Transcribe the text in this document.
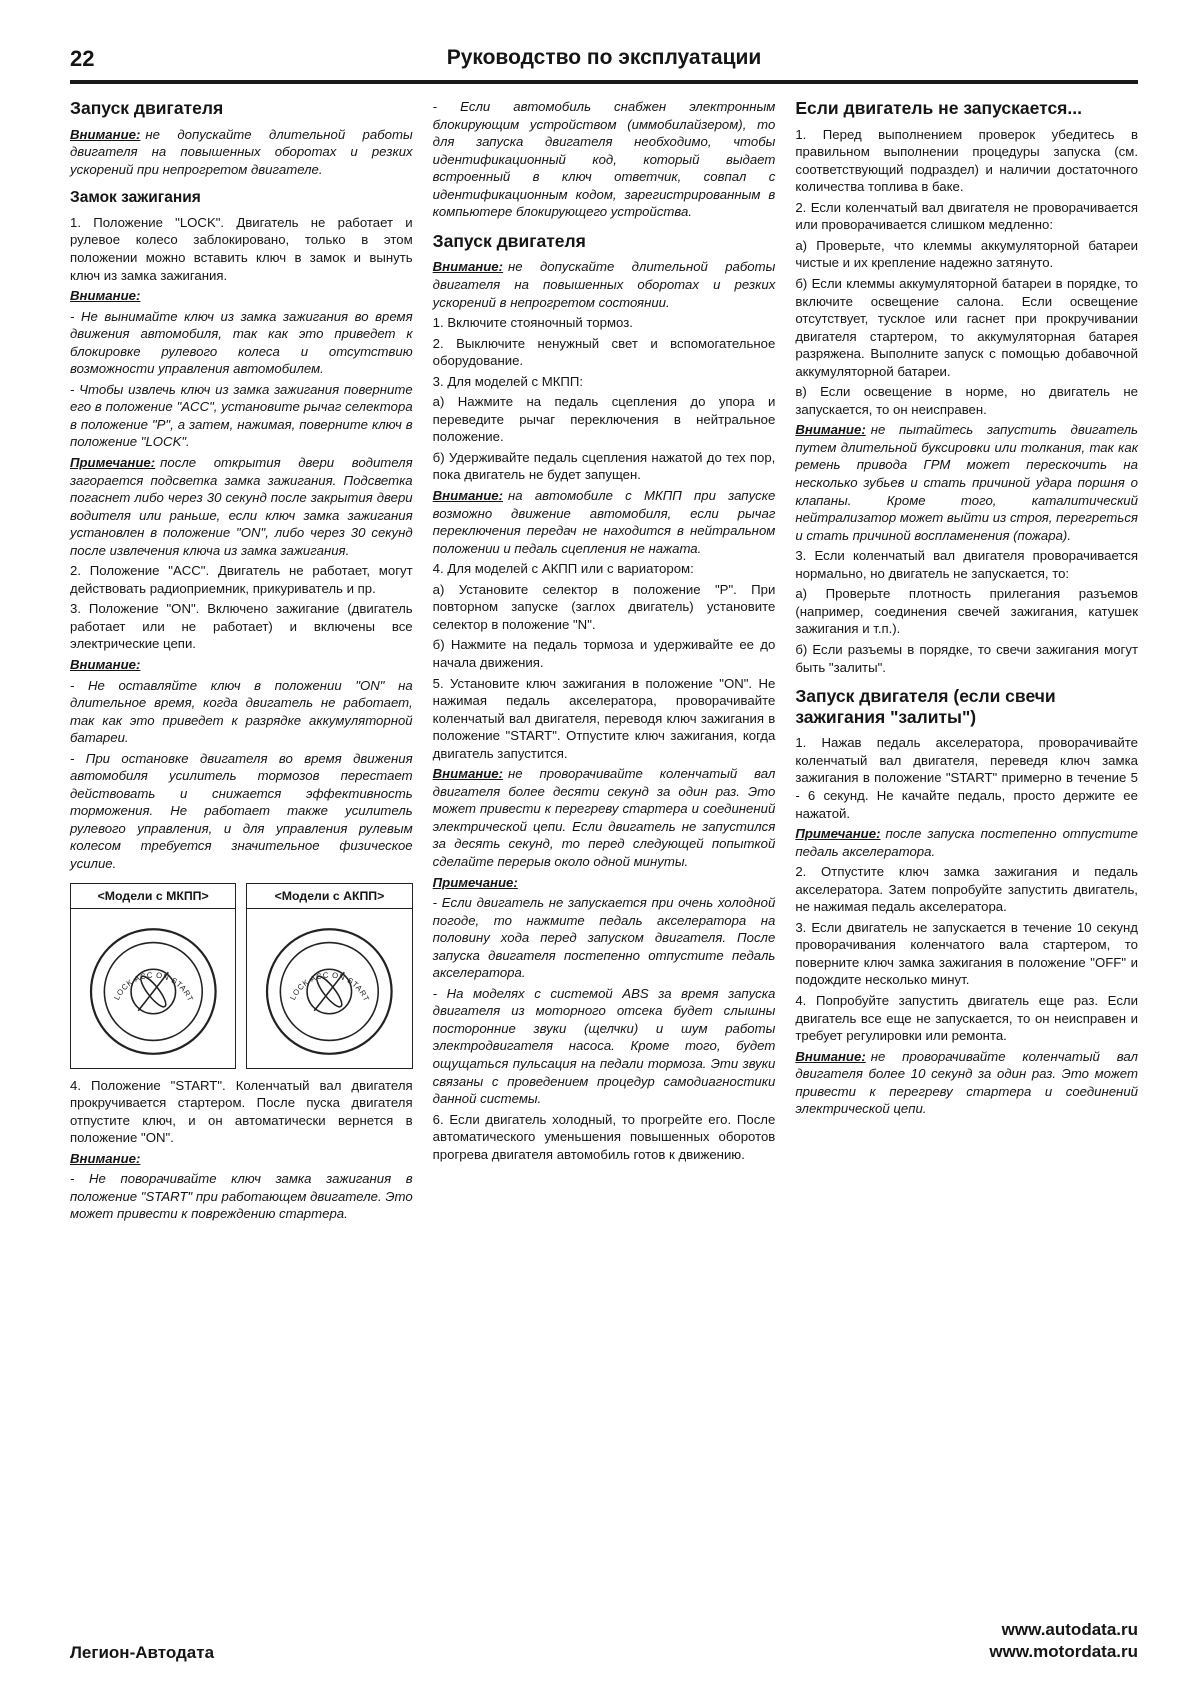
22	Руководство по эксплуатации
Запуск двигателя

Внимание: не допускайте длительной работы двигателя на повышенных оборотах и резких ускорений при непрогретом двигателе.

Замок зажигания

1. Положение "LOCK". Двигатель не работает и рулевое колесо заблокировано, только в этом положении можно вставить ключ в замок и вынуть ключ из замка зажигания.

Внимание:

- Не вынимайте ключ из замка зажигания во время движения автомобиля, так как это приведет к блокировке рулевого колеса и отсутствию возможности управления автомобилем.

- Чтобы извлечь ключ из замка зажигания поверните его в положение "ACC", установите рычаг селектора в положение "P", а затем, нажимая, поверните ключ в положение "LOCK".

Примечание: после открытия двери водителя загорается подсветка замка зажигания. Подсветка погаснет либо через 30 секунд после закрытия двери водителя или раньше, если ключ замка зажигания установлен в положение "ON", либо через 30 секунд после извлечения ключа из замка зажигания.

2. Положение "ACC". Двигатель не работает, могут действовать радиоприемник, прикуриватель и пр.

3. Положение "ON". Включено зажигание (двигатель работает или не работает) и включены все электрические цепи.

Внимание:

- Не оставляйте ключ в положении "ON" на длительное время, когда двигатель не работает, так как это приведет к разрядке аккумуляторной батареи.

- При остановке двигателя во время движения автомобиля усилитель тормозов перестает действовать и снижается эффективность торможения. Не работает также усилитель рулевого управления, и для управления рулевым колесом требуется значительное физическое усилие.

<Модели с МКПП>
LOCK ACC ON START
<Модели с АКПП>
LOCK ACC ON START

4. Положение "START". Коленчатый вал двигателя прокручивается стартером. После пуска двигателя отпустите ключ, и он автоматически вернется в положение "ON".

Внимание:

- Не поворачивайте ключ замка зажигания в положение "START" при работающем двигателе. Это может привести к повреждению стартера.

- Если автомобиль снабжен электронным блокирующим устройством (иммобилайзером), то для запуска двигателя необходимо, чтобы идентификационный код, который выдает встроенный в ключ ответчик, совпал с идентификационным кодом, зарегистрированным в компьютере блокирующего устройства.

Запуск двигателя

Внимание: не допускайте длительной работы двигателя на повышенных оборотах и резких ускорений в непрогретом состоянии.

1. Включите стояночный тормоз.

2. Выключите ненужный свет и вспомогательное оборудование.

3. Для моделей с МКПП:

а) Нажмите на педаль сцепления до упора и переведите рычаг переключения в нейтральное положение.

б) Удерживайте педаль сцепления нажатой до тех пор, пока двигатель не будет запущен.

Внимание: на автомобиле с МКПП при запуске возможно движение автомобиля, если рычаг переключения передач не находится в нейтральном положении и педаль сцепления не нажата.

4. Для моделей с АКПП или с вариатором:

а) Установите селектор в положение "P". При повторном запуске (заглох двигатель) установите селектор в положение "N".

б) Нажмите на педаль тормоза и удерживайте ее до начала движения.

5. Установите ключ зажигания в положение "ON". Не нажимая педаль акселератора, проворачивайте коленчатый вал двигателя, переводя ключ зажигания в положение "START". Отпустите ключ зажигания, когда двигатель запустится.

Внимание: не проворачивайте коленчатый вал двигателя более десяти секунд за один раз. Это может привести к перегреву стартера и соединений электрической цепи. Если двигатель не запустился за десять секунд, то перед следующей попыткой сделайте перерыв около одной минуты.

Примечание:

- Если двигатель не запускается при очень холодной погоде, то нажмите педаль акселератора на половину хода перед запуском двигателя. После запуска двигателя постепенно отпустите педаль акселератора.

- На моделях с системой ABS за время запуска двигателя из моторного отсека будет слышны посторонние звуки (щелчки) и шум работы электродвигателя насоса. Кроме того, будет ощущаться пульсация на педали тормоза. Эти звуки связаны с проведением процедур самодиагностики данной системы.

6. Если двигатель холодный, то прогрейте его. После автоматического уменьшения повышенных оборотов прогрева двигателя автомобиль готов к движению.

Если двигатель не запускается...

1. Перед выполнением проверок убедитесь в правильном выполнении процедуры запуска (см. соответствующий подраздел) и наличии достаточного количества топлива в баке.

2. Если коленчатый вал двигателя не проворачивается или проворачивается слишком медленно:

а) Проверьте, что клеммы аккумуляторной батареи чистые и их крепление надежно затянуто.

б) Если клеммы аккумуляторной батареи в порядке, то включите освещение салона. Если освещение отсутствует, тусклое или гаснет при прокручивании двигателя стартером, то аккумуляторная батарея разряжена. Выполните запуск с помощью добавочной аккумуляторной батареи.

в) Если освещение в норме, но двигатель не запускается, то он неисправен.

Внимание: не пытайтесь запустить двигатель путем длительной буксировки или толкания, так как ремень привода ГРМ может перескочить на несколько зубьев и стать причиной удара поршня о клапаны. Кроме того, каталитический нейтрализатор может выйти из строя, перегреться и стать причиной воспламенения (пожара).

3. Если коленчатый вал двигателя проворачивается нормально, но двигатель не запускается, то:

а) Проверьте плотность прилегания разъемов (например, соединения свечей зажигания, катушек зажигания и т.п.).

б) Если разъемы в порядке, то свечи зажигания могут быть "залиты".

Запуск двигателя (если свечи зажигания "залиты")

1. Нажав педаль акселератора, проворачивайте коленчатый вал двигателя, переведя ключ замка зажигания в положение "START" примерно в течение 5 - 6 секунд. Не качайте педаль, просто держите ее нажатой.

Примечание: после запуска постепенно отпустите педаль акселератора.

2. Отпустите ключ замка зажигания и педаль акселератора. Затем попробуйте запустить двигатель, не нажимая педаль акселератора.

3. Если двигатель не запускается в течение 10 секунд проворачивания коленчатого вала стартером, то поверните ключ замка зажигания в положение "OFF" и подождите несколько минут.

4. Попробуйте запустить двигатель еще раз. Если двигатель все еще не запускается, то он неисправен и требует регулировки или ремонта.

Внимание: не проворачивайте коленчатый вал двигателя более 10 секунд за один раз. Это может привести к перегреву стартера и соединений электрической цепи.

Легион-Автодата
www.autodata.ru
www.motordata.ru
